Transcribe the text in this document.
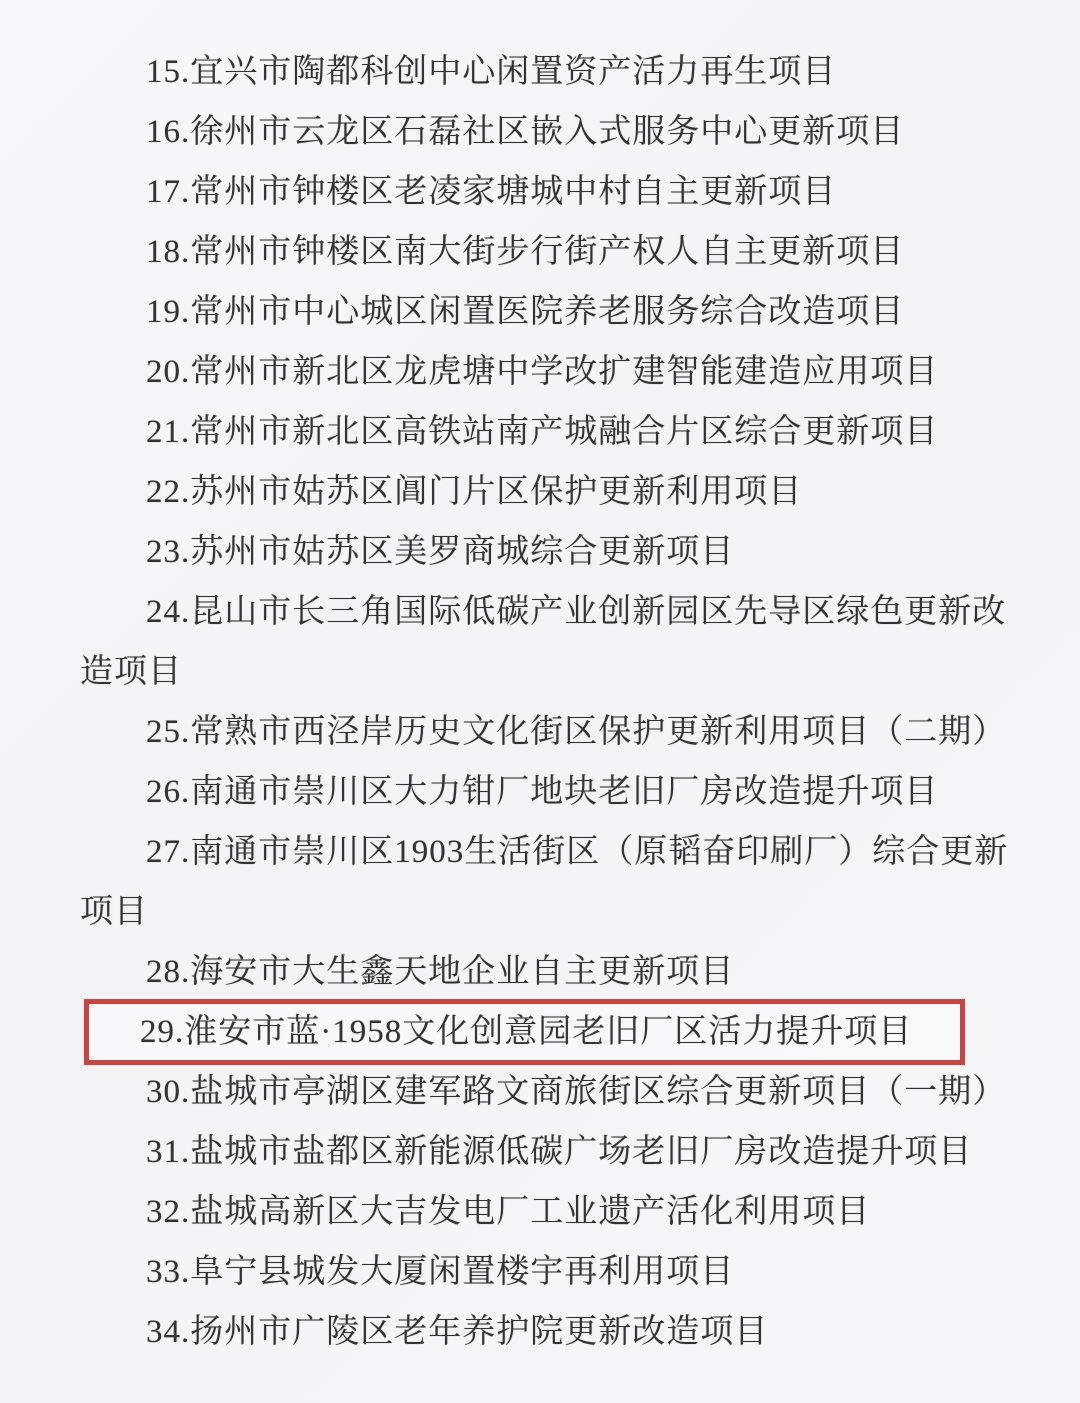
15.宜兴市陶都科创中心闲置资产活力再生项目
16.徐州市云龙区石磊社区嵌入式服务中心更新项目
17.常州市钟楼区老凌家塘城中村自主更新项目
18.常州市钟楼区南大街步行街产权人自主更新项目
19.常州市中心城区闲置医院养老服务综合改造项目
20.常州市新北区龙虎塘中学改扩建智能建造应用项目
21.常州市新北区高铁站南产城融合片区综合更新项目
22.苏州市姑苏区阊门片区保护更新利用项目
23.苏州市姑苏区美罗商城综合更新项目
24.昆山市长三角国际低碳产业创新园区先导区绿色更新改
造项目
25.常熟市西泾岸历史文化街区保护更新利用项目（二期）
26.南通市崇川区大力钳厂地块老旧厂房改造提升项目
27.南通市崇川区1903生活街区（原韬奋印刷厂）综合更新
项目
28.海安市大生鑫天地企业自主更新项目
29.淮安市蓝·1958文化创意园老旧厂区活力提升项目
30.盐城市亭湖区建军路文商旅街区综合更新项目（一期）
31.盐城市盐都区新能源低碳广场老旧厂房改造提升项目
32.盐城高新区大吉发电厂工业遗产活化利用项目
33.阜宁县城发大厦闲置楼宇再利用项目
34.扬州市广陵区老年养护院更新改造项目
